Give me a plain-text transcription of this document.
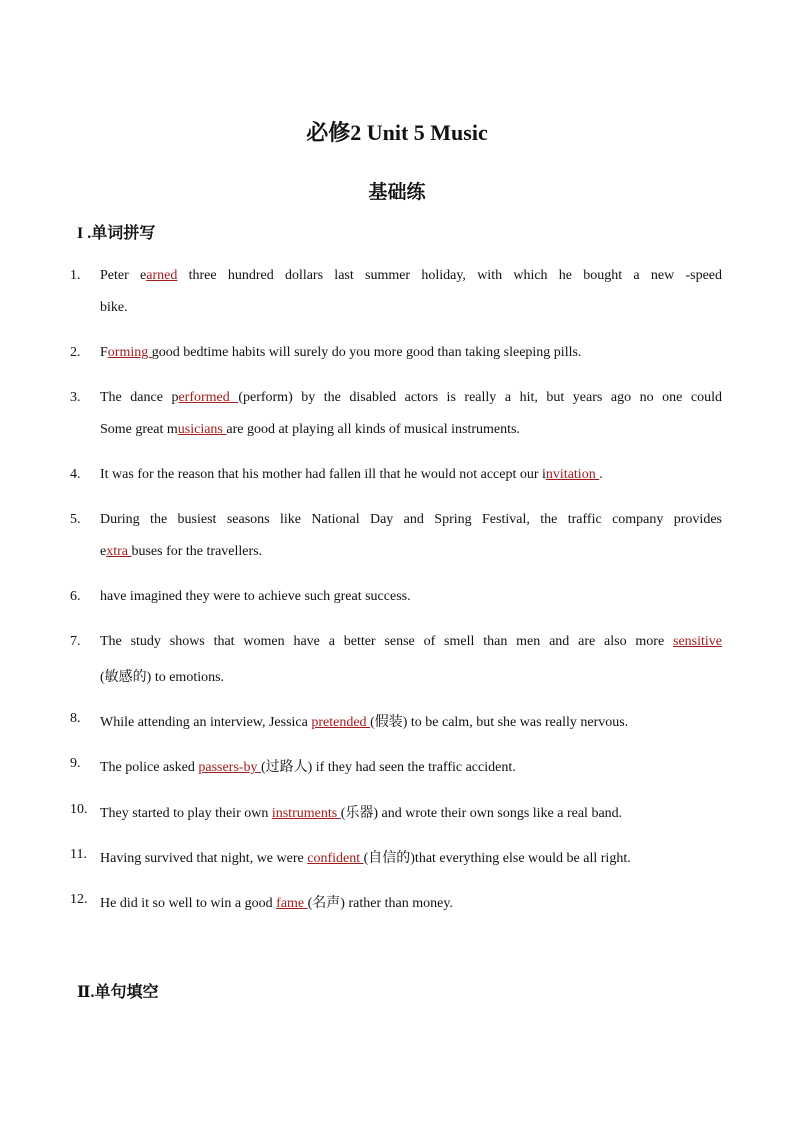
必修2 Unit 5 Music
基础练
I .单词拼写
1. Peter earned three hundred dollars last summer holiday, with which he bought a new -speed
bike.
2. Forming good bedtime habits will surely do you more good than taking sleeping pills.
3. The dance performed (perform) by the disabled actors is really a hit, but years ago no one could
Some great musicians are good at playing all kinds of musical instruments.
4. It was for the reason that his mother had fallen ill that he would not accept our invitation .
5. During the busiest seasons like National Day and Spring Festival, the traffic company provides
extra buses for the travellers.
6. have imagined they were to achieve such great success.
7. The study shows that women have a better sense of smell than men and are also more sensitive
(敏感的) to emotions.
8. While attending an interview, Jessica pretended (假装) to be calm, but she was really nervous.
9. The police asked passers-by (过路人) if they had seen the traffic accident.
10. They started to play their own instruments (乐器) and wrote their own songs like a real band.
11. Having survived that night, we were confident (自信的)that everything else would be all right.
12. He did it so well to win a good fame (名声) rather than money.
Ⅱ.单句填空
